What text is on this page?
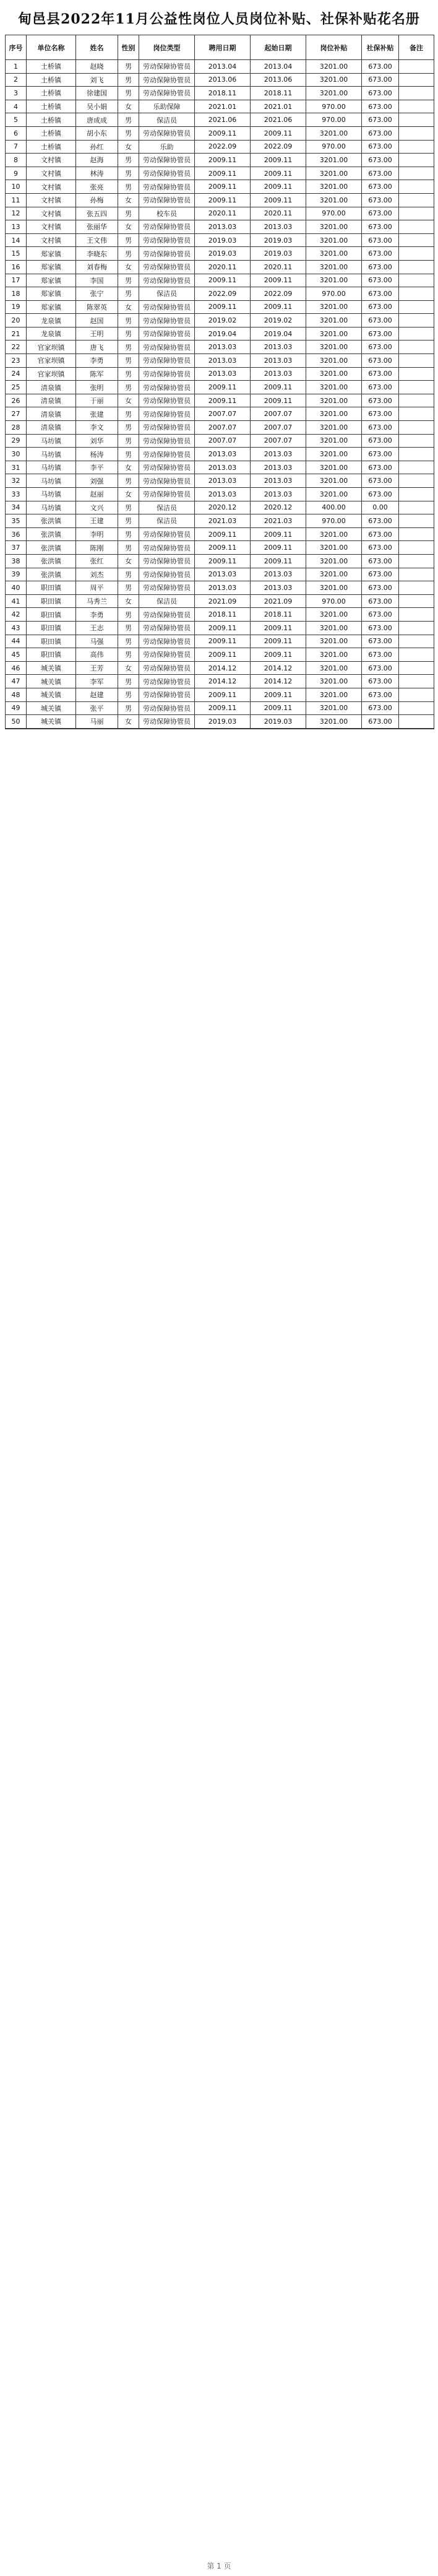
甸邑县2022年11月公益性岗位人员岗位补贴、社保补贴花名册
序号	单位名称	姓名	性别	岗位类型	聘用日期	起始日期	岗位补贴	社保补贴	备注
1	土桥镇	赵晓	男	劳动保障协管员	2013.04	2013.04	3201.00	673.00
2	土桥镇	刘飞	男	劳动保障协管员	2013.06	2013.06	3201.00	673.00
3	土桥镇	徐建国	男	劳动保障协管员	2018.11	2018.11	3201.00	673.00
4	土桥镇	吴小娟	女	乐助保障	2021.01	2021.01	970.00	673.00
5	土桥镇	唐成成	男	保洁员	2021.06	2021.06	970.00	673.00
6	土桥镇	胡小东	男	劳动保障协管员	2009.11	2009.11	3201.00	673.00
7	土桥镇	孙红	女	乐助	2022.09	2022.09	970.00	673.00
8	文村镇	赵海	男	劳动保障协管员	2009.11	2009.11	3201.00	673.00
9	文村镇	林涛	男	劳动保障协管员	2009.11	2009.11	3201.00	673.00
10	文村镇	张亮	男	劳动保障协管员	2009.11	2009.11	3201.00	673.00
11	文村镇	孙梅	女	劳动保障协管员	2009.11	2009.11	3201.00	673.00
12	文村镇	张五四	男	校车员	2020.11	2020.11	970.00	673.00
13	文村镇	张丽华	女	劳动保障协管员	2013.03	2013.03	3201.00	673.00
14	文村镇	王文伟	男	劳动保障协管员	2019.03	2019.03	3201.00	673.00
15	郑家镇	李晓东	男	劳动保障协管员	2019.03	2019.03	3201.00	673.00
16	郑家镇	刘春梅	女	劳动保障协管员	2020.11	2020.11	3201.00	673.00
17	郑家镇	李国	男	劳动保障协管员	2009.11	2009.11	3201.00	673.00
18	郑家镇	张宁	男	保洁员	2022.09	2022.09	970.00	673.00
19	郑家镇	陈翠英	女	劳动保障协管员	2009.11	2009.11	3201.00	673.00
20	龙泉镇	赵国	男	劳动保障协管员	2019.02	2019.02	3201.00	673.00
21	龙泉镇	王明	男	劳动保障协管员	2019.04	2019.04	3201.00	673.00
22	官家坝镇	唐飞	男	劳动保障协管员	2013.03	2013.03	3201.00	673.00
23	官家坝镇	李勇	男	劳动保障协管员	2013.03	2013.03	3201.00	673.00
24	官家坝镇	陈军	男	劳动保障协管员	2013.03	2013.03	3201.00	673.00
25	清泉镇	张明	男	劳动保障协管员	2009.11	2009.11	3201.00	673.00
26	清泉镇	于丽	女	劳动保障协管员	2009.11	2009.11	3201.00	673.00
27	清泉镇	张建	男	劳动保障协管员	2007.07	2007.07	3201.00	673.00
28	清泉镇	李文	男	劳动保障协管员	2007.07	2007.07	3201.00	673.00
29	马坊镇	刘华	男	劳动保障协管员	2007.07	2007.07	3201.00	673.00
30	马坊镇	杨涛	男	劳动保障协管员	2013.03	2013.03	3201.00	673.00
31	马坊镇	李平	女	劳动保障协管员	2013.03	2013.03	3201.00	673.00
32	马坊镇	刘强	男	劳动保障协管员	2013.03	2013.03	3201.00	673.00
33	马坊镇	赵丽	女	劳动保障协管员	2013.03	2013.03	3201.00	673.00
34	马坊镇	文兴	男	保洁员	2020.12	2020.12	400.00	0.00
35	张洪镇	王建	男	保洁员	2021.03	2021.03	970.00	673.00
36	张洪镇	李明	男	劳动保障协管员	2009.11	2009.11	3201.00	673.00
37	张洪镇	陈刚	男	劳动保障协管员	2009.11	2009.11	3201.00	673.00
38	张洪镇	张红	女	劳动保障协管员	2009.11	2009.11	3201.00	673.00
39	张洪镇	刘杰	男	劳动保障协管员	2013.03	2013.03	3201.00	673.00
40	职田镇	周平	男	劳动保障协管员	2013.03	2013.03	3201.00	673.00
41	职田镇	马秀兰	女	保洁员	2021.09	2021.09	970.00	673.00
42	职田镇	李勇	男	劳动保障协管员	2018.11	2018.11	3201.00	673.00
43	职田镇	王志	男	劳动保障协管员	2009.11	2009.11	3201.00	673.00
44	职田镇	马强	男	劳动保障协管员	2009.11	2009.11	3201.00	673.00
45	职田镇	高伟	男	劳动保障协管员	2009.11	2009.11	3201.00	673.00
46	城关镇	王芳	女	劳动保障协管员	2014.12	2014.12	3201.00	673.00
47	城关镇	李军	男	劳动保障协管员	2014.12	2014.12	3201.00	673.00
48	城关镇	赵建	男	劳动保障协管员	2009.11	2009.11	3201.00	673.00
49	城关镇	张平	男	劳动保障协管员	2009.11	2009.11	3201.00	673.00
50	城关镇	马丽	女	劳动保障协管员	2019.03	2019.03	3201.00	673.00
第 1 页
